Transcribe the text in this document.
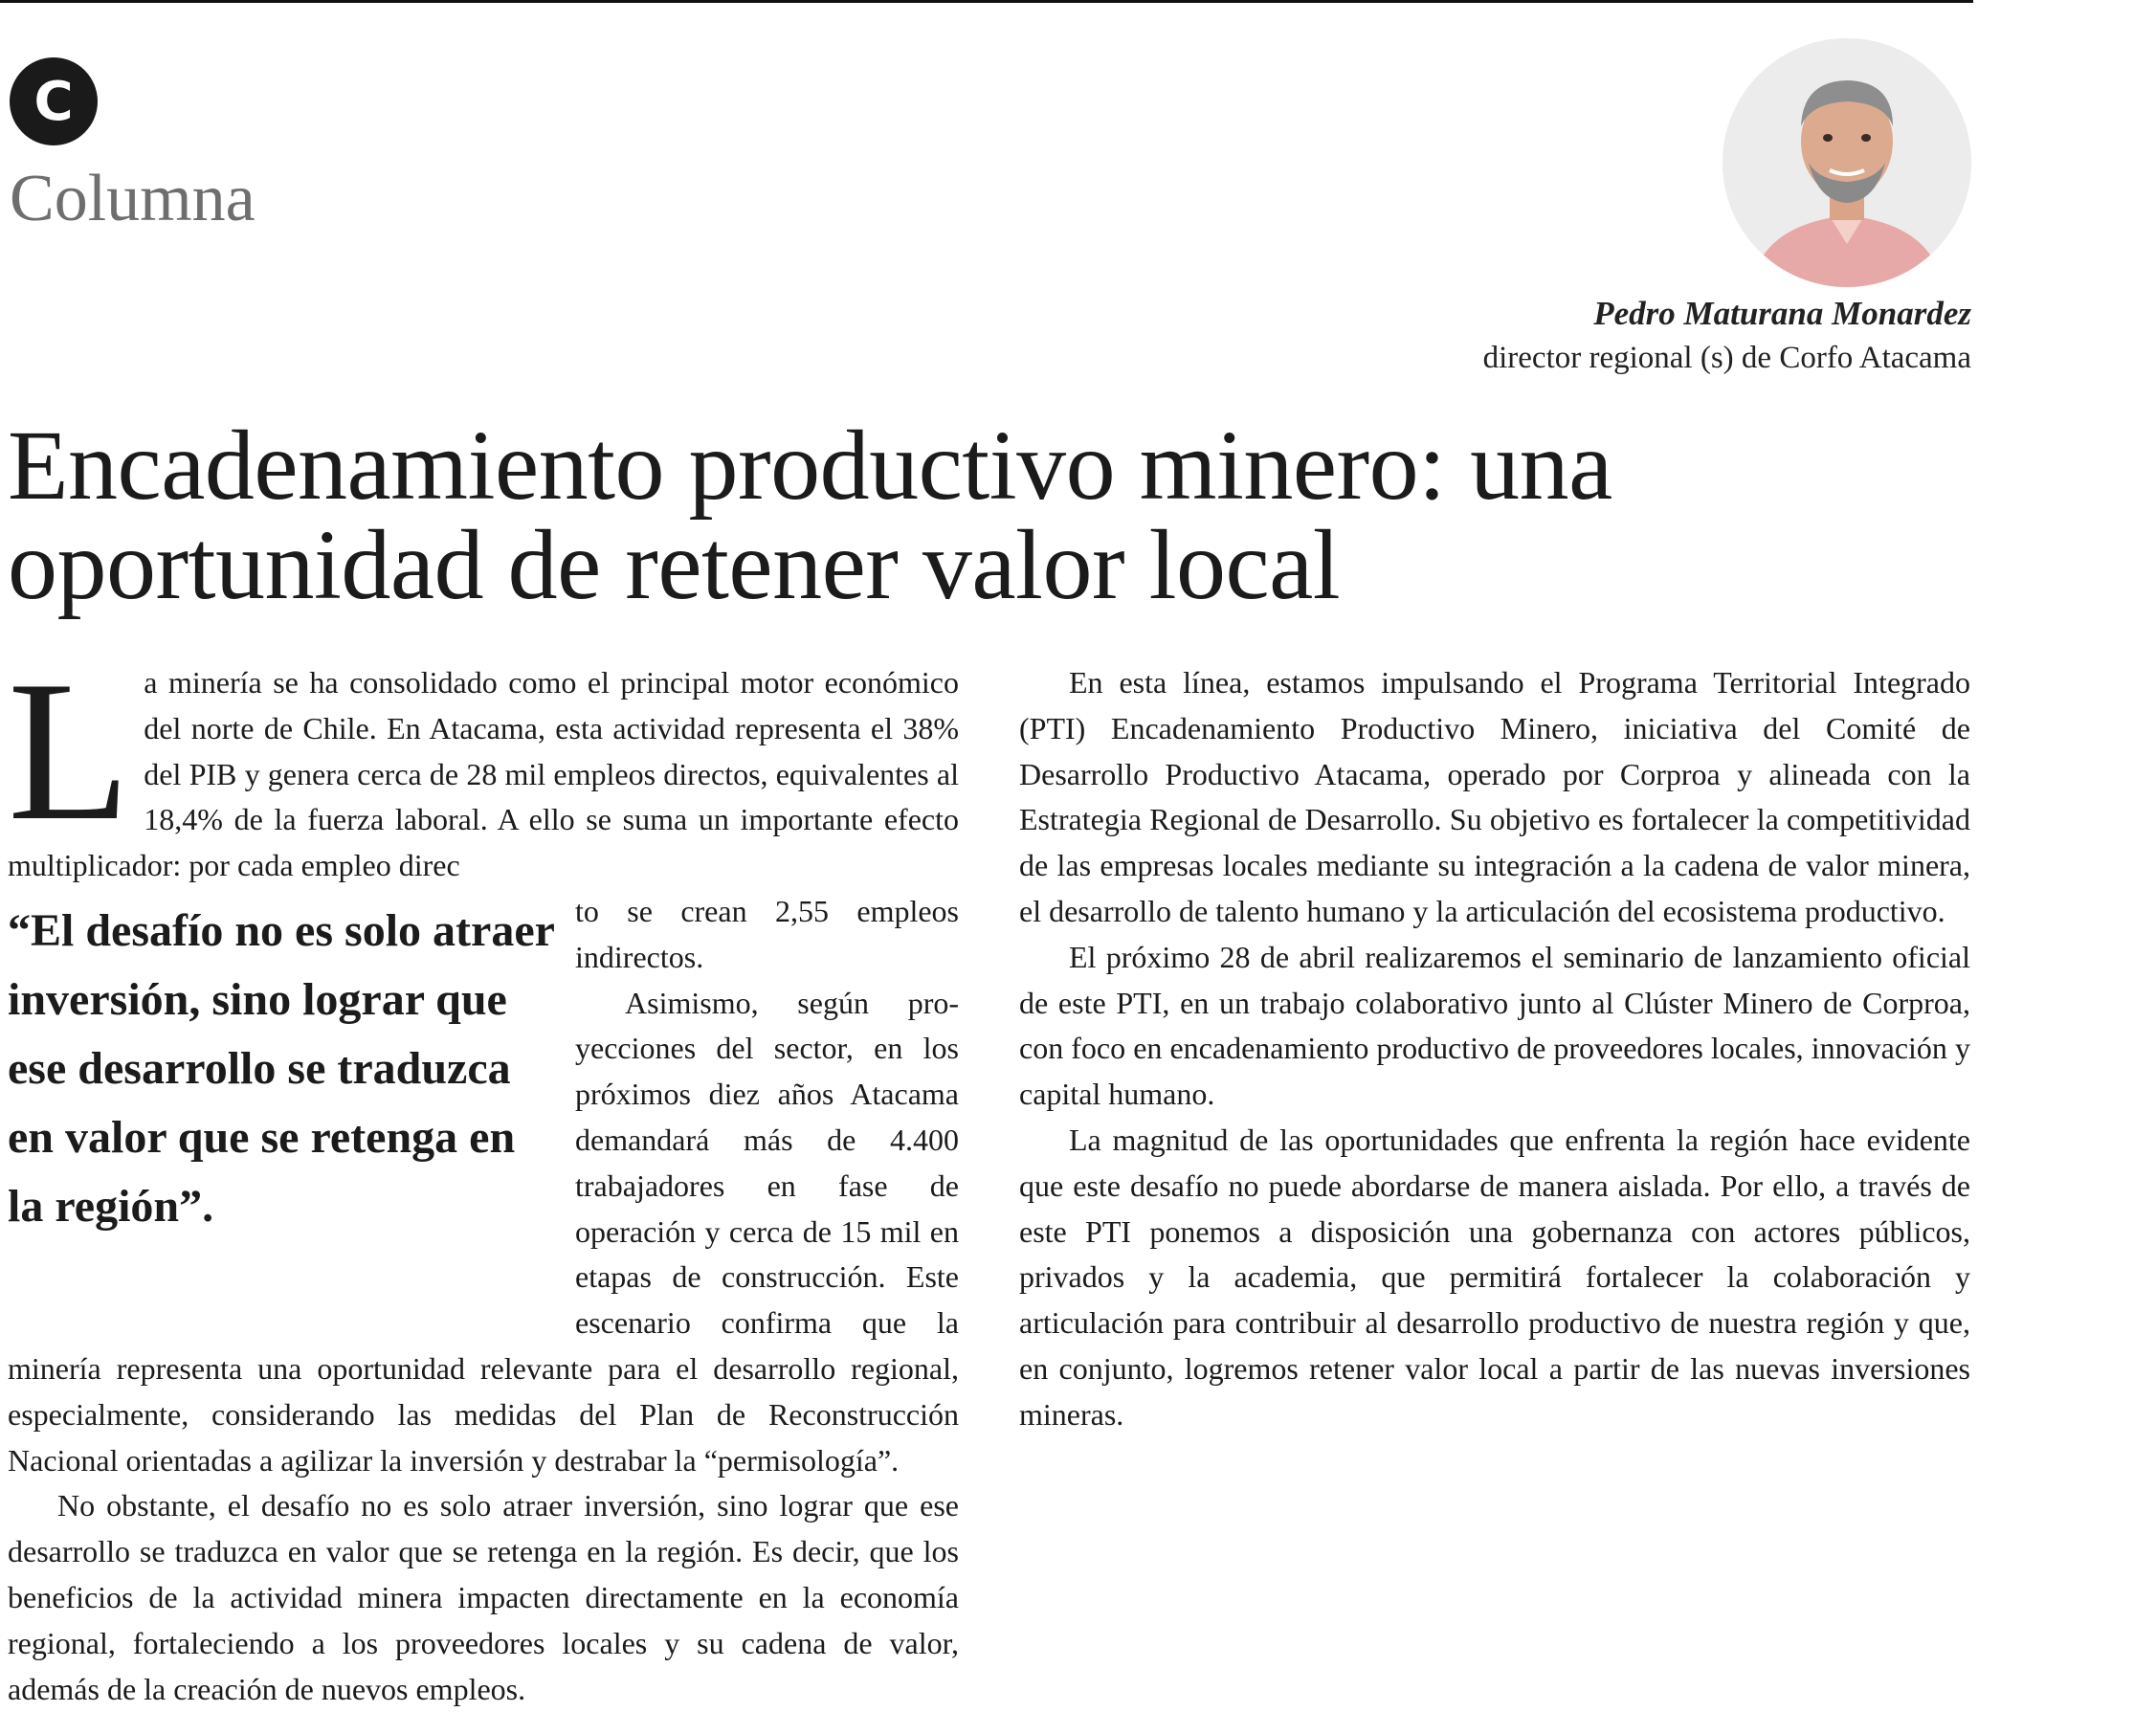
C
Columna
Pedro Maturana Monardez
director regional (s) de Corfo Atacama
Encadenamiento productivo minero: una oportunidad de retener valor local

La minería se ha consolidado como el principal motor económico del norte de Chile. En Atacama, esta actividad representa el 38% del PIB y genera cerca de 28 mil empleos directos, equivalentes al 18,4% de la fuerza laboral. A ello se suma un importante efecto multiplicador: por cada empleo direc

“El desafío no es solo atraer inversión, sino lograr que ese desarrollo se traduzca en valor que se retenga en la región”.

to se crean 2,55 empleos indirectos.

Asimismo, según proyecciones del sector, en los próximos diez años Atacama demandará más de 4.400 trabajadores en fase de operación y cerca de 15 mil en etapas de construcción. Este escenario confirma que la minería representa una oportunidad relevante para el desarrollo regional, especialmente, considerando las medidas del Plan de Reconstrucción Nacional orientadas a agilizar la inversión y destrabar la “permisología”.

No obstante, el desafío no es solo atraer inversión, sino lograr que ese desarrollo se traduzca en valor que se retenga en la región. Es decir, que los beneficios de la actividad minera impacten directamente en la economía regional, fortaleciendo a los proveedores locales y su cadena de valor, además de la creación de nuevos empleos.

En esta línea, estamos impulsando el Programa Territorial Integrado (PTI) Encadenamiento Productivo Minero, iniciativa del Comité de Desarrollo Productivo Atacama, operado por Corproa y alineada con la Estrategia Regional de Desarrollo. Su objetivo es fortalecer la competitividad de las empresas locales mediante su integración a la cadena de valor minera, el desarrollo de talento humano y la articulación del ecosistema productivo.

El próximo 28 de abril realizaremos el seminario de lanzamiento oficial de este PTI, en un trabajo colaborativo junto al Clúster Minero de Corproa, con foco en encadenamiento productivo de proveedores locales, innovación y capital humano.

La magnitud de las oportunidades que enfrenta la región hace evidente que este desafío no puede abordarse de manera aislada. Por ello, a través de este PTI ponemos a disposición una gobernanza con actores públicos, privados y la academia, que permitirá fortalecer la colaboración y articulación para contribuir al desarrollo productivo de nuestra región y que, en conjunto, logremos retener valor local a partir de las nuevas inversiones mineras.
